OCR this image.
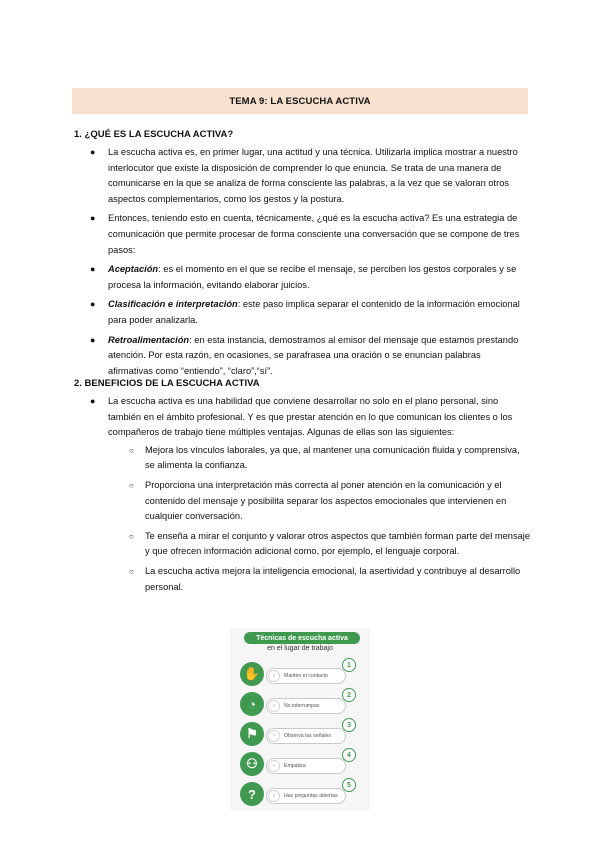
TEMA 9: LA ESCUCHA ACTIVA
1. ¿QUÉ ES LA ESCUCHA ACTIVA?
● La escucha activa es, en primer lugar, una actitud y una técnica. Utilizarla implica mostrar a nuestro interlocutor que existe la disposición de comprender lo que enuncia. Se trata de una manera de comunicarse en la que se analiza de forma consciente las palabras, a la vez que se valoran otros aspectos complementarios, como los gestos y la postura.
● Entonces, teniendo esto en cuenta, técnicamente, ¿qué es la escucha activa? Es una estrategia de comunicación que permite procesar de forma consciente una conversación que se compone de tres pasos:
● Aceptación: es el momento en el que se recibe el mensaje, se perciben los gestos corporales y se procesa la información, evitando elaborar juicios.
● Clasificación e interpretación: este paso implica separar el contenido de la información emocional para poder analizarla.
● Retroalimentación: en esta instancia, demostramos al emisor del mensaje que estamos prestando atención. Por esta razón, en ocasiones, se parafrasea una oración o se enuncian palabras afirmativas como “entiendo”, “claro”,“sí”.
2. BENEFICIOS DE LA ESCUCHA ACTIVA
● La escucha activa es una habilidad que conviene desarrollar no solo en el plano personal, sino también en el ámbito profesional. Y es que prestar atención en lo que comunican los clientes o los compañeros de trabajo tiene múltiples ventajas. Algunas de ellas son las siguientes:
○ Mejora los vínculos laborales, ya que, al mantener una comunicación fluida y comprensiva, se alimenta la confianza.
○ Proporciona una interpretación más correcta al poner atención en la comunicación y el contenido del mensaje y posibilita separar los aspectos emocionales que intervienen en cualquier conversación.
○ Te enseña a mirar el conjunto y valorar otros aspectos que también forman parte del mensaje y que ofrecen información adicional como, por ejemplo, el lenguaje corporal.
○ La escucha activa mejora la inteligencia emocional, la asertividad y contribuye al desarrollo personal.
Técnicas de escucha activa
en el lugar de trabajo
✋	›	Mantén el contacto
1
◔	›	No interrumpas
2
⚑	›	Observa las señales
3
⚇	›	Empatiza
4
?	›	Haz preguntas abiertas
5
